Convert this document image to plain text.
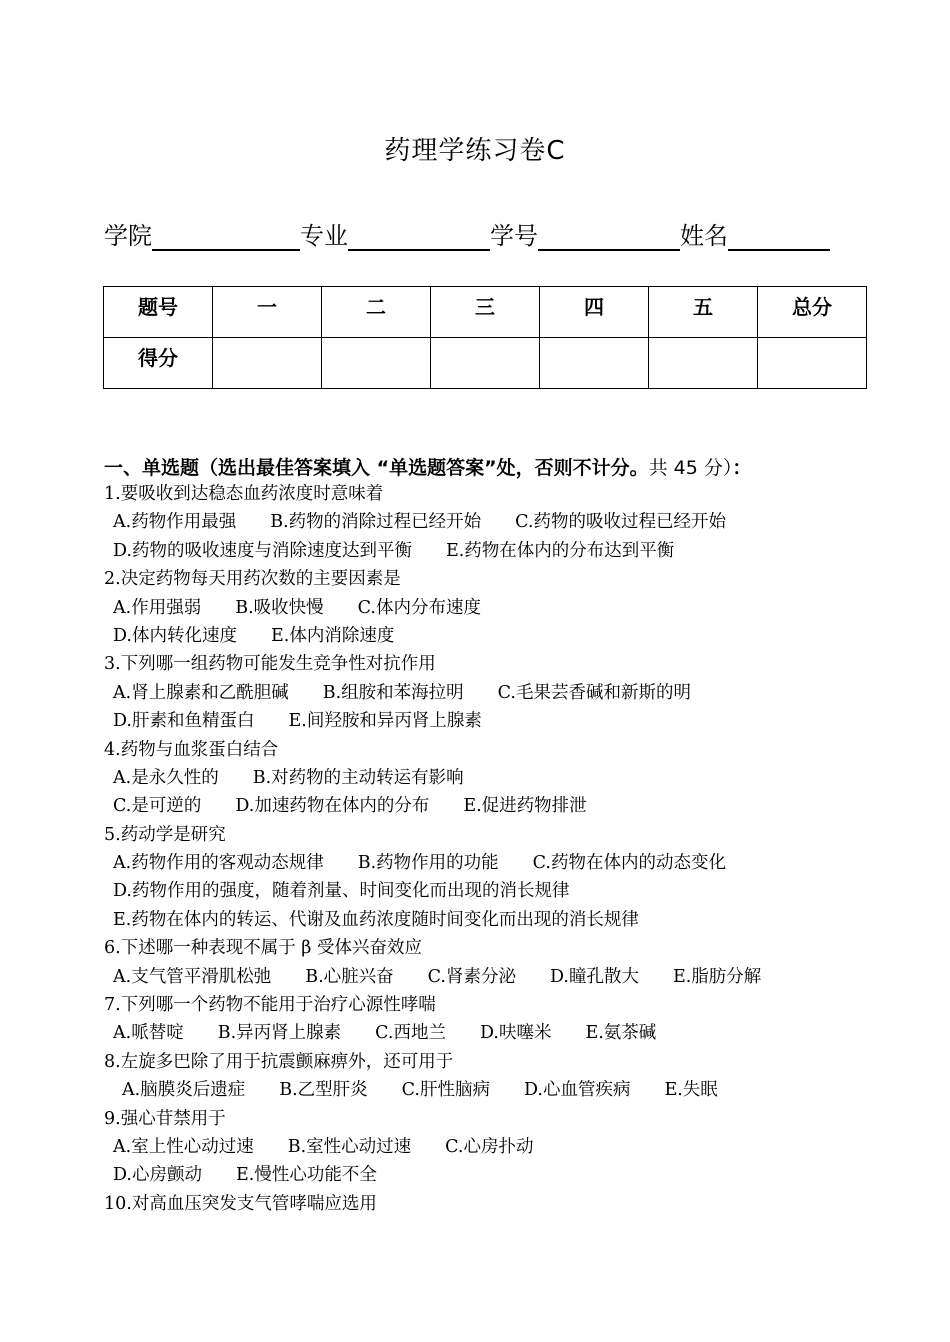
药理学练习卷C
学院	专业	学号	姓名
题号	一	二	三	四	五	总分
得分						
一、单选题（选出最佳答案填入 “单选题答案”处，否则不计分。共 45 分）：
1.要吸收到达稳态血药浓度时意味着
A.药物作用最强 B.药物的消除过程已经开始 C.药物的吸收过程已经开始
D.药物的吸收速度与消除速度达到平衡 E.药物在体内的分布达到平衡
2.决定药物每天用药次数的主要因素是
A.作用强弱 B.吸收快慢 C.体内分布速度
D.体内转化速度 E.体内消除速度
3.下列哪一组药物可能发生竞争性对抗作用
A.肾上腺素和乙酰胆碱 B.组胺和苯海拉明 C.毛果芸香碱和新斯的明
D.肝素和鱼精蛋白 E.间羟胺和异丙肾上腺素
4.药物与血浆蛋白结合
A.是永久性的 B.对药物的主动转运有影响
C.是可逆的 D.加速药物在体内的分布 E.促进药物排泄
5.药动学是研究
A.药物作用的客观动态规律 B.药物作用的功能 C.药物在体内的动态变化
D.药物作用的强度，随着剂量、时间变化而出现的消长规律
E.药物在体内的转运、代谢及血药浓度随时间变化而出现的消长规律
6.下述哪一种表现不属于 β 受体兴奋效应
A.支气管平滑肌松弛 B.心脏兴奋 C.肾素分泌 D.瞳孔散大 E.脂肪分解
7.下列哪一个药物不能用于治疗心源性哮喘
A.哌替啶 B.异丙肾上腺素 C.西地兰 D.呋噻米 E.氨茶碱
8.左旋多巴除了用于抗震颤麻痹外，还可用于
A.脑膜炎后遗症 B.乙型肝炎 C.肝性脑病 D.心血管疾病 E.失眠
9.强心苷禁用于
A.室上性心动过速 B.室性心动过速 C.心房扑动
D.心房颤动 E.慢性心功能不全
10.对高血压突发支气管哮喘应选用
